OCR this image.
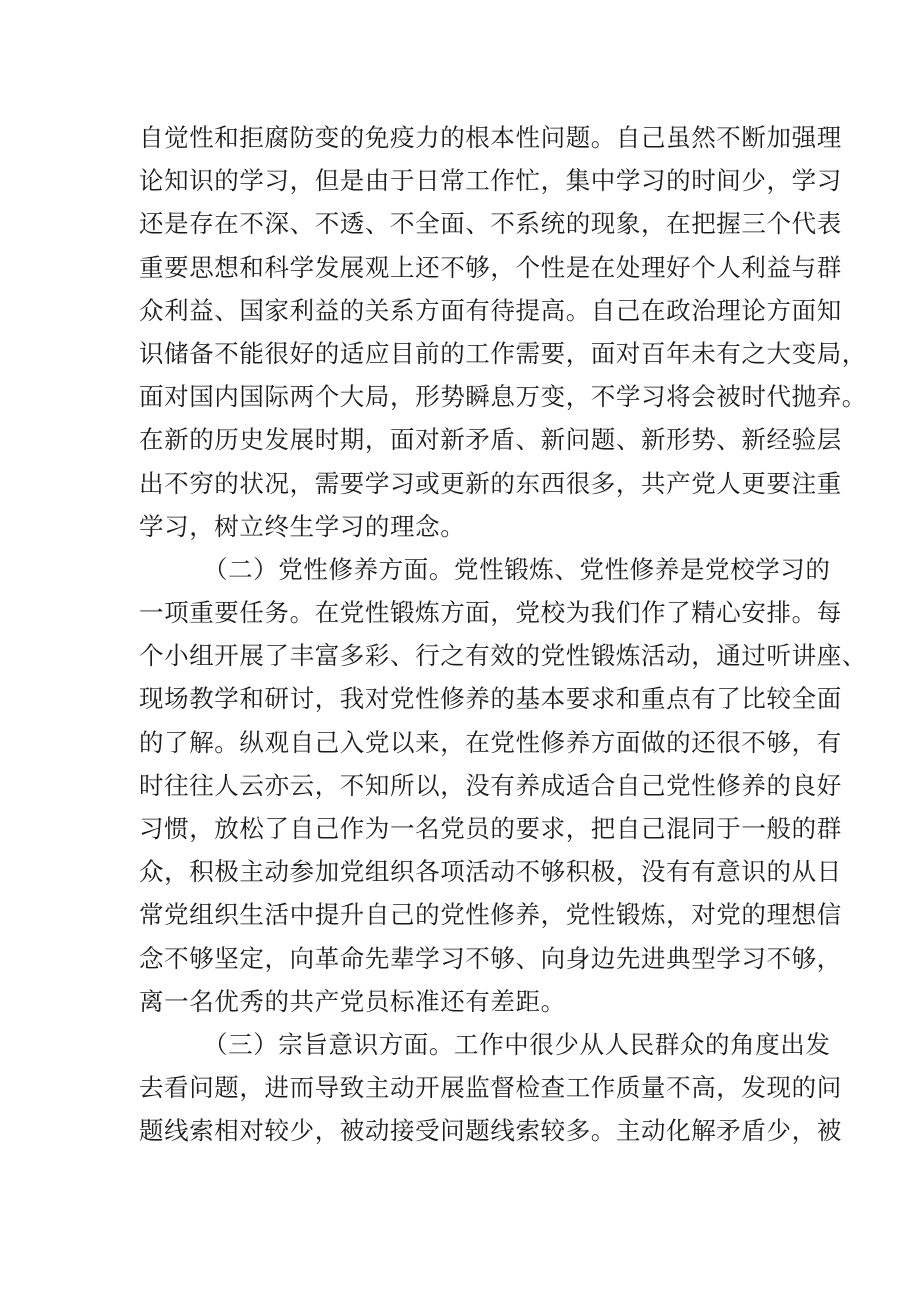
自觉性和拒腐防变的免疫力的根本性问题。自己虽然不断加强理
论知识的学习，但是由于日常工作忙，集中学习的时间少，学习
还是存在不深、不透、不全面、不系统的现象，在把握三个代表
重要思想和科学发展观上还不够，个性是在处理好个人利益与群
众利益、国家利益的关系方面有待提高。自己在政治理论方面知
识储备不能很好的适应目前的工作需要，面对百年未有之大变局，
面对国内国际两个大局，形势瞬息万变，不学习将会被时代抛弃。
在新的历史发展时期，面对新矛盾、新问题、新形势、新经验层
出不穷的状况，需要学习或更新的东西很多，共产党人更要注重
学习，树立终生学习的理念。
（二）党性修养方面。党性锻炼、党性修养是党校学习的
一项重要任务。在党性锻炼方面，党校为我们作了精心安排。每
个小组开展了丰富多彩、行之有效的党性锻炼活动，通过听讲座、
现场教学和研讨，我对党性修养的基本要求和重点有了比较全面
的了解。纵观自己入党以来，在党性修养方面做的还很不够，有
时往往人云亦云，不知所以，没有养成适合自己党性修养的良好
习惯，放松了自己作为一名党员的要求，把自己混同于一般的群
众，积极主动参加党组织各项活动不够积极，没有有意识的从日
常党组织生活中提升自己的党性修养，党性锻炼，对党的理想信
念不够坚定，向革命先辈学习不够、向身边先进典型学习不够，
离一名优秀的共产党员标准还有差距。
（三）宗旨意识方面。工作中很少从人民群众的角度出发
去看问题，进而导致主动开展监督检查工作质量不高，发现的问
题线索相对较少，被动接受问题线索较多。主动化解矛盾少，被
